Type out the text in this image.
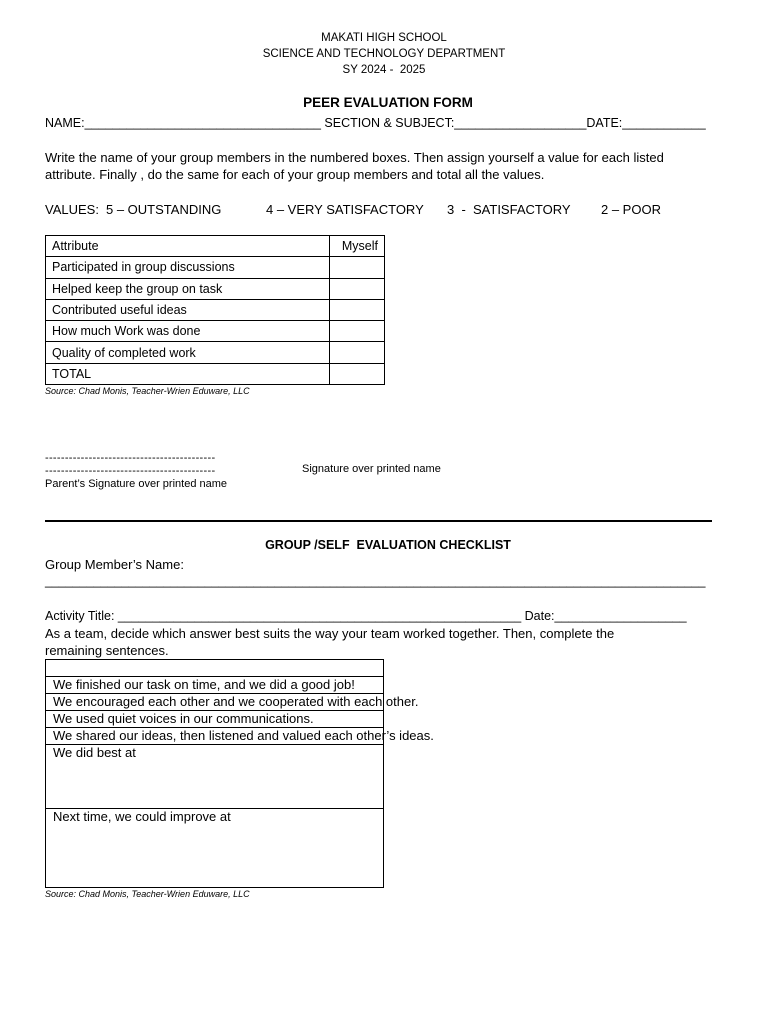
MAKATI HIGH SCHOOL
SCIENCE AND TECHNOLOGY DEPARTMENT
SY 2024 -  2025
PEER EVALUATION FORM
NAME:__________________________________ SECTION & SUBJECT:___________________DATE:____________
Write the name of your group members in the numbered boxes. Then assign yourself a value for each listed
attribute. Finally , do the same for each of your group members and total all the values.
VALUES: 5 – OUTSTANDING	4 – VERY SATISFACTORY 3  -  SATISFACTORY 2 – POOR
Attribute	Myself
Participated in group discussions	
Helped keep the group on task	
Contributed useful ideas	
How much Work was done	
Quality of completed work	
TOTAL	
Source: Chad Monis, Teacher-Wrien Eduware, LLC
-------------------------------------------
-------------------------------------------	Signature over printed name
Parent’s Signature over printed name
GROUP /SELF  EVALUATION CHECKLIST
Group Member’s Name:
_______________________________________________________________________________________________
Activity Title: __________________________________________________________ Date:___________________
As a team, decide which answer best suits the way your team worked together. Then, complete the
remaining sentences.
We finished our task on time, and we did a good job!
We encouraged each other and we cooperated with each other.
We used quiet voices in our communications.
We shared our ideas, then listened and valued each other’s ideas.
We did best at
Next time, we could improve at
Source: Chad Monis, Teacher-Wrien Eduware, LLC
